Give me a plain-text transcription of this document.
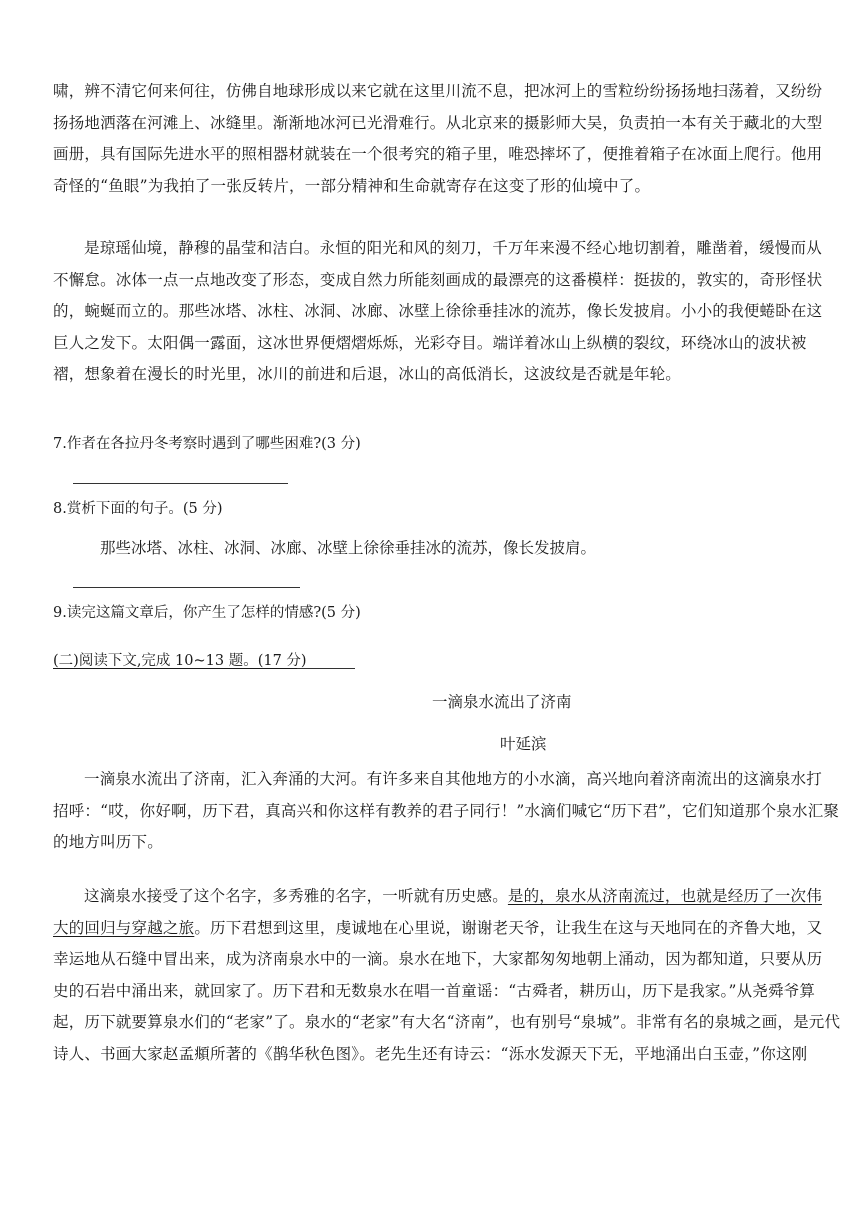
啸，辨不清它何来何往，仿佛自地球形成以来它就在这里川流不息，把冰河上的雪粒纷纷扬扬地扫荡着，又纷纷
扬扬地洒落在河滩上、冰缝里。渐渐地冰河已光滑难行。从北京来的摄影师大吴，负责拍一本有关于藏北的大型
画册，具有国际先进水平的照相器材就装在一个很考究的箱子里，唯恐摔坏了，便推着箱子在冰面上爬行。他用
奇怪的“鱼眼”为我拍了一张反转片，一部分精神和生命就寄存在这变了形的仙境中了。
是琼瑶仙境，静穆的晶莹和洁白。永恒的阳光和风的刻刀，千万年来漫不经心地切割着，雕凿着，缓慢而从
不懈怠。冰体一点一点地改变了形态，变成自然力所能刻画成的最漂亮的这番模样：挺拔的，敦实的，奇形怪状
的，蜿蜒而立的。那些冰塔、冰柱、冰洞、冰廊、冰壁上徐徐垂挂冰的流苏，像长发披肩。小小的我便蜷卧在这
巨人之发下。太阳偶一露面，这冰世界便熠熠烁烁，光彩夺目。端详着冰山上纵横的裂纹，环绕冰山的波状被
褶，想象着在漫长的时光里，冰川的前进和后退，冰山的高低消长，这波纹是否就是年轮。
7.作者在各拉丹冬考察时遇到了哪些困难?(3 分)
8.赏析下面的句子。(5 分)
那些冰塔、冰柱、冰洞、冰廊、冰壁上徐徐垂挂冰的流苏，像长发披肩。
9.读完这篇文章后，你产生了怎样的情感?(5 分)
(二)阅读下文,完成 10~13 题。(17 分)
一滴泉水流出了济南
叶延滨
一滴泉水流出了济南，汇入奔涌的大河。有许多来自其他地方的小水滴，高兴地向着济南流出的这滴泉水打
招呼：“哎，你好啊，历下君，真高兴和你这样有教养的君子同行！”水滴们喊它“历下君”，它们知道那个泉水汇聚
的地方叫历下。
这滴泉水接受了这个名字，多秀雅的名字，一听就有历史感。是的，泉水从济南流过，也就是经历了一次伟
大的回归与穿越之旅。历下君想到这里，虔诚地在心里说，谢谢老天爷，让我生在这与天地同在的齐鲁大地，又
幸运地从石缝中冒出来，成为济南泉水中的一滴。泉水在地下，大家都匆匆地朝上涌动，因为都知道，只要从历
史的石岩中涌出来，就回家了。历下君和无数泉水在唱一首童谣：“古舜者，耕历山，历下是我家。”从尧舜爷算
起，历下就要算泉水们的“老家”了。泉水的“老家”有大名“济南”，也有别号“泉城”。非常有名的泉城之画，是元代
诗人、书画大家赵孟頫所著的《鹊华秋色图》。老先生还有诗云：“泺水发源天下无，平地涌出白玉壶，”你这刚
